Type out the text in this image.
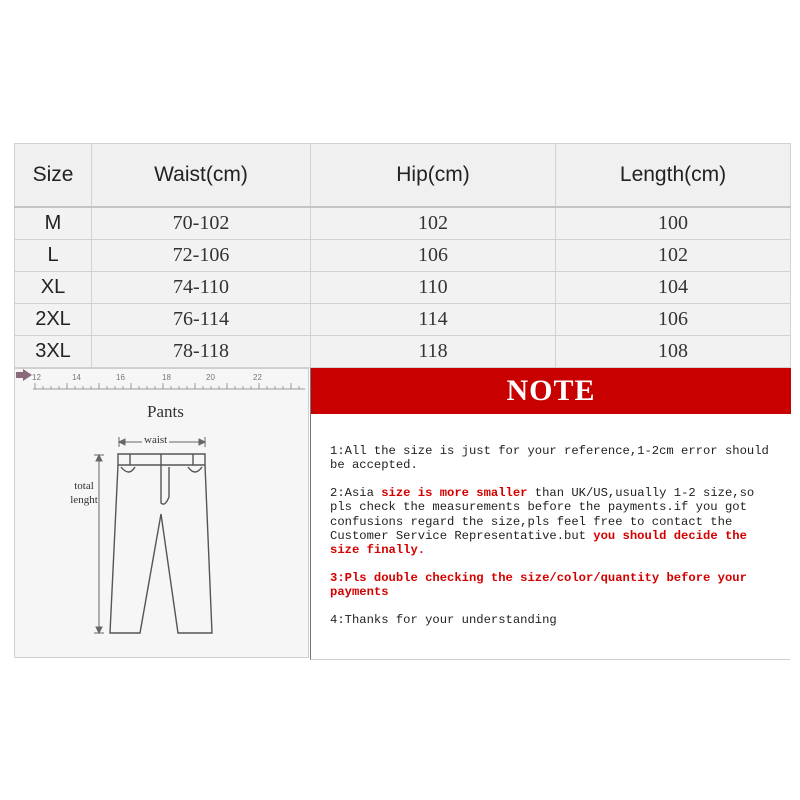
Size	Waist(cm)	Hip(cm)	Length(cm)
M	70-102	102	100
L	72-106	106	102
XL	74-110	110	104
2XL	76-114	114	106
3XL	78-118	118	108
12	14	16	18	20	22
Pants
waist
total
lenght
NOTE
1:All the size is just for your reference,1-2cm error should be accepted.
2:Asia size is more smaller than UK/US,usually 1-2 size,so pls check the measurements before the payments.if you got confusions regard the size,pls feel free to contact the Customer Service Representative.but you should decide the size finally.
3:Pls double checking the size/color/quantity before your payments
4:Thanks for your understanding
